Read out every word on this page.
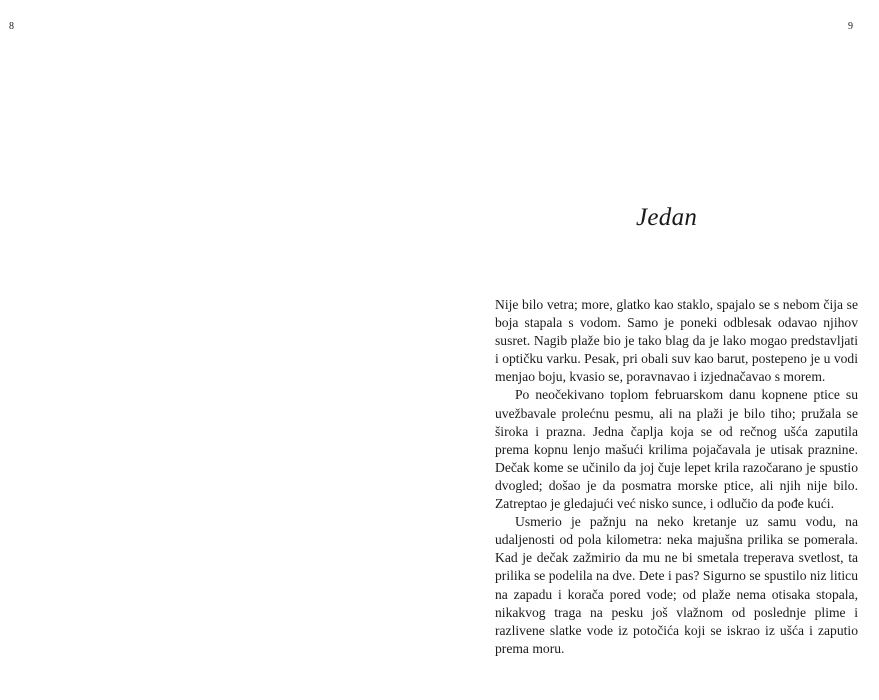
8	9
Jedan

Nije bilo vetra; more, glatko kao staklo, spajalo se s nebom čija se boja stapala s vodom. Samo je poneki odblesak odavao njihov susret. Nagib plaže bio je tako blag da je lako mogao predstavljati i optičku varku. Pesak, pri obali suv kao barut, postepeno je u vodi menjao boju, kvasio se, poravnavao i izjednačavao s morem.

Po neočekivano toplom februarskom danu kopnene ptice su uvežbavale prolećnu pesmu, ali na plaži je bilo tiho; pružala se široka i prazna. Jedna čaplja koja se od rečnog ušća zaputila prema kopnu lenjo mašući krilima pojačavala je utisak praznine. Dečak kome se učinilo da joj čuje lepet krila razočarano je spustio dvogled; došao je da posmatra morske ptice, ali njih nije bilo. Zatreptao je gledajući već nisko sunce, i odlučio da pođe kući.

Usmerio je pažnju na neko kretanje uz samu vodu, na udaljenosti od pola kilometra: neka majušna prilika se pomerala. Kad je dečak zažmirio da mu ne bi smetala treperava svetlost, ta prilika se podelila na dve. Dete i pas? Sigurno se spustilo niz liticu na zapadu i korača pored vode; od plaže nema otisaka stopala, nikakvog traga na pesku još vlažnom od poslednje plime i razlivene slatke vode iz potočića koji se iskrao iz ušća i zaputio prema moru.
